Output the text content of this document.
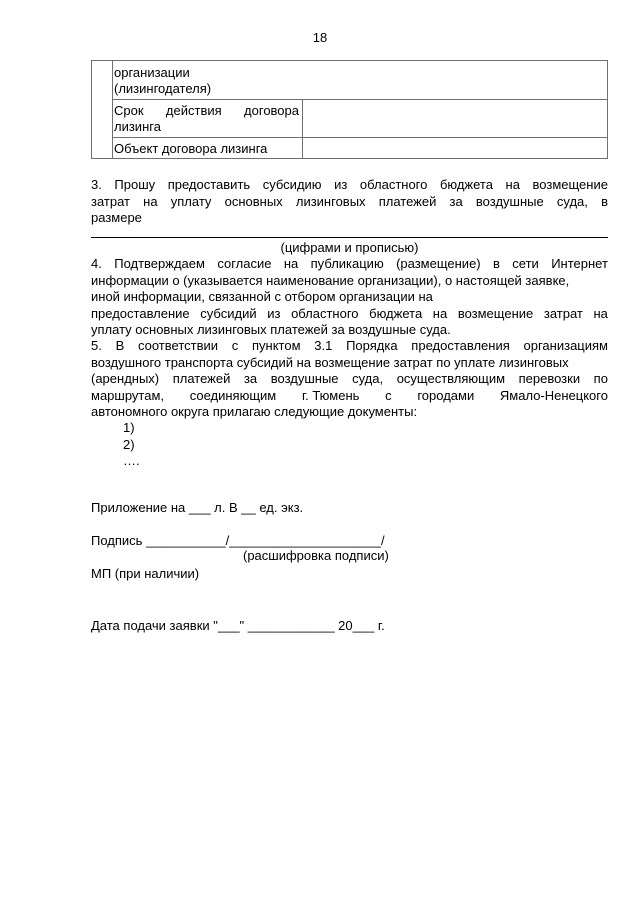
18
организации
(лизингодателя)
Срок действия договора
лизинга
Объект договора лизинга
3. Прошу предоставить субсидию из областного бюджета на возмещение
затрат на уплату основных лизинговых платежей за воздушные суда, в
размере
(цифрами и прописью)
4. Подтверждаем согласие на публикацию (размещение) в сети Интернет
информации о (указывается наименование организации), о настоящей заявке,
иной информации, связанной с отбором организации на
предоставление субсидий из областного бюджета на возмещение затрат на
уплату основных лизинговых платежей за воздушные суда.
5. В соответствии с пунктом 3.1 Порядка предоставления организациям
воздушного транспорта субсидий на возмещение затрат по уплате лизинговых
(арендных) платежей за воздушные суда, осуществляющим перевозки по
маршрутам, соединяющим г. Тюмень с городами Ямало-Ненецкого
автономного округа прилагаю следующие документы:
1)
2)
….
Приложение на ___ л. В __ ед. экз.
Подпись ___________/_____________________/
(расшифровка подписи)
МП (при наличии)
Дата подачи заявки "___" ____________ 20___ г.
